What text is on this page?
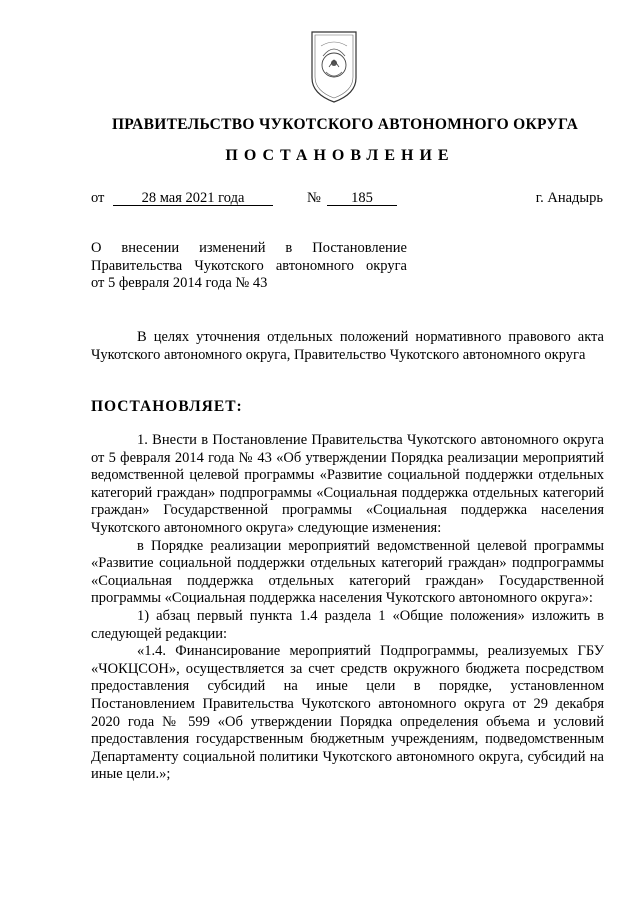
ПРАВИТЕЛЬСТВО ЧУКОТСКОГО АВТОНОМНОГО ОКРУГА
ПОСТАНОВЛЕНИЕ
от	28 мая 2021 года	№	185	г. Анадырь
О внесении изменений в Постановление
Правительства Чукотского автономного округа
от 5 февраля 2014 года № 43

В целях уточнения отдельных положений нормативного правового акта Чукотского автономного округа, Правительство Чукотского автономного округа

ПОСТАНОВЛЯЕТ:

1. Внести в Постановление Правительства Чукотского автономного округа от 5 февраля 2014 года № 43 «Об утверждении Порядка реализации мероприятий ведомственной целевой программы «Развитие социальной поддержки отдельных категорий граждан» подпрограммы «Социальная поддержка отдельных категорий граждан» Государственной программы «Социальная поддержка населения Чукотского автономного округа» следующие изменения:

в Порядке реализации мероприятий ведомственной целевой программы «Развитие социальной поддержки отдельных категорий граждан» подпрограммы «Социальная поддержка отдельных категорий граждан» Государственной программы «Социальная поддержка населения Чукотского автономного округа»:

1) абзац первый пункта 1.4 раздела 1 «Общие положения» изложить в следующей редакции:

«1.4. Финансирование мероприятий Подпрограммы, реализуемых ГБУ «ЧОКЦСОН», осуществляется за счет средств окружного бюджета посредством предоставления субсидий на иные цели в порядке, установленном Постановлением Правительства Чукотского автономного округа от 29 декабря 2020 года № 599 «Об утверждении Порядка определения объема и условий предоставления государственным бюджетным учреждениям, подведомственным Департаменту социальной политики Чукотского автономного округа, субсидий на иные цели.»;
